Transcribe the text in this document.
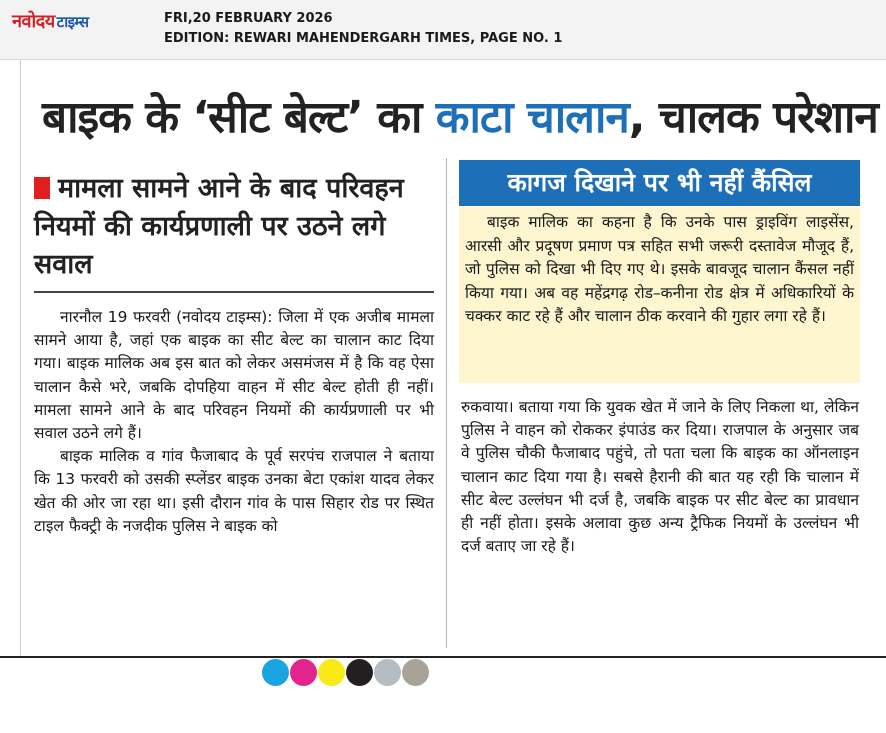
नवोदय टाइम्स	FRI,20 FEBRUARY 2026
EDITION: REWARI MAHENDERGARH TIMES, PAGE NO. 1
बाइक के ‘सीट बेल्ट’ का काटा चालान, चालक परेशान
मामला सामने आने के बाद परिवहन नियमों की कार्यप्रणाली पर उठने लगे सवाल

नारनौल 19 फरवरी (नवोदय टाइम्स): जिला में एक अजीब मामला सामने आया है, जहां एक बाइक का सीट बेल्ट का चालान काट दिया गया। बाइक मालिक अब इस बात को लेकर असमंजस में है कि वह ऐसा चालान कैसे भरे, जबकि दोपहिया वाहन में सीट बेल्ट होती ही नहीं। मामला सामने आने के बाद परिवहन नियमों की कार्यप्रणाली पर भी सवाल उठने लगे हैं।

बाइक मालिक व गांव फैजाबाद के पूर्व सरपंच राजपाल ने बताया कि 13 फरवरी को उसकी स्प्लेंडर बाइक उनका बेटा एकांश यादव लेकर खेत की ओर जा रहा था। इसी दौरान गांव के पास सिहार रोड पर स्थित टाइल फैक्ट्री के नजदीक पुलिस ने बाइक को

कागज दिखाने पर भी नहीं कैंसिल

बाइक मालिक का कहना है कि उनके पास ड्राइविंग लाइसेंस, आरसी और प्रदूषण प्रमाण पत्र सहित सभी जरूरी दस्तावेज मौजूद हैं, जो पुलिस को दिखा भी दिए गए थे। इसके बावजूद चालान कैंसल नहीं किया गया। अब वह महेंद्रगढ़ रोड–कनीना रोड क्षेत्र में अधिकारियों के चक्कर काट रहे हैं और चालान ठीक करवाने की गुहार लगा रहे हैं।

रुकवाया। बताया गया कि युवक खेत में जाने के लिए निकला था, लेकिन पुलिस ने वाहन को रोककर इंपाउंड कर दिया। राजपाल के अनुसार जब वे पुलिस चौकी फैजाबाद पहुंचे, तो पता चला कि बाइक का ऑनलाइन चालान काट दिया गया है। सबसे हैरानी की बात यह रही कि चालान में सीट बेल्ट उल्लंघन भी दर्ज है, जबकि बाइक पर सीट बेल्ट का प्रावधान ही नहीं होता। इसके अलावा कुछ अन्य ट्रैफिक नियमों के उल्लंघन भी दर्ज बताए जा रहे हैं।
